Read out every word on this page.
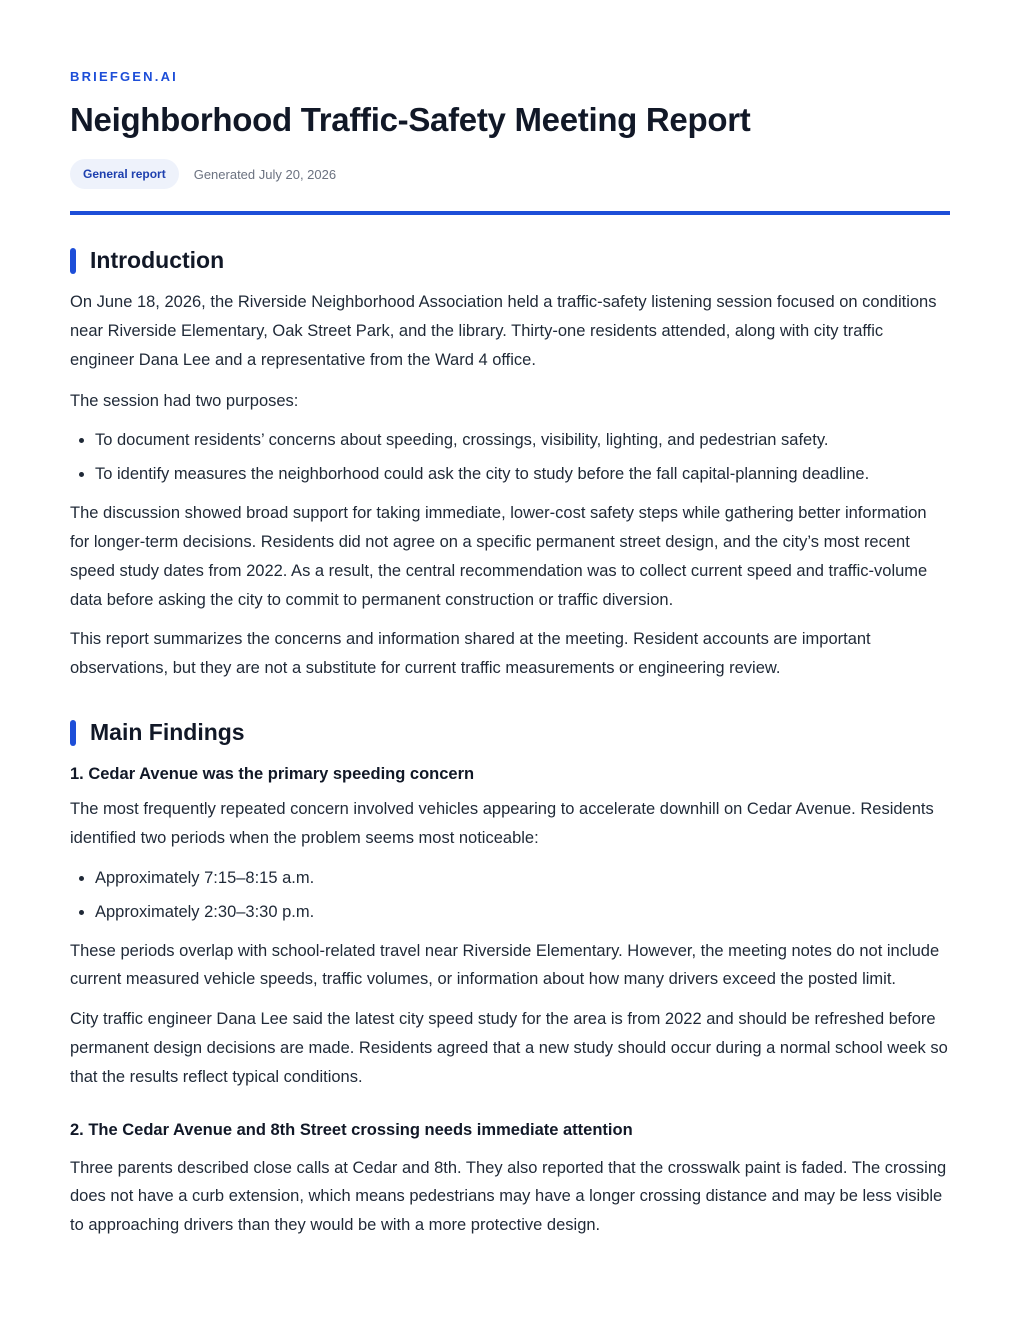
BRIEFGEN.AI
Neighborhood Traffic-Safety Meeting Report
General report	Generated July 20, 2026
Introduction

On June 18, 2026, the Riverside Neighborhood Association held a traffic-safety listening session focused on conditions near Riverside Elementary, Oak Street Park, and the library. Thirty-one residents attended, along with city traffic engineer Dana Lee and a representative from the Ward 4 office.

The session had two purposes:

• To document residents’ concerns about speeding, crossings, visibility, lighting, and pedestrian safety.
• To identify measures the neighborhood could ask the city to study before the fall capital-planning deadline.

The discussion showed broad support for taking immediate, lower-cost safety steps while gathering better information for longer-term decisions. Residents did not agree on a specific permanent street design, and the city’s most recent speed study dates from 2022. As a result, the central recommendation was to collect current speed and traffic-volume data before asking the city to commit to permanent construction or traffic diversion.

This report summarizes the concerns and information shared at the meeting. Resident accounts are important observations, but they are not a substitute for current traffic measurements or engineering review.

Main Findings
1. Cedar Avenue was the primary speeding concern

The most frequently repeated concern involved vehicles appearing to accelerate downhill on Cedar Avenue. Residents identified two periods when the problem seems most noticeable:

• Approximately 7:15–8:15 a.m.
• Approximately 2:30–3:30 p.m.

These periods overlap with school-related travel near Riverside Elementary. However, the meeting notes do not include current measured vehicle speeds, traffic volumes, or information about how many drivers exceed the posted limit.

City traffic engineer Dana Lee said the latest city speed study for the area is from 2022 and should be refreshed before permanent design decisions are made. Residents agreed that a new study should occur during a normal school week so that the results reflect typical conditions.

2. The Cedar Avenue and 8th Street crossing needs immediate attention

Three parents described close calls at Cedar and 8th. They also reported that the crosswalk paint is faded. The crossing does not have a curb extension, which means pedestrians may have a longer crossing distance and may be less visible to approaching drivers than they would be with a more protective design.
